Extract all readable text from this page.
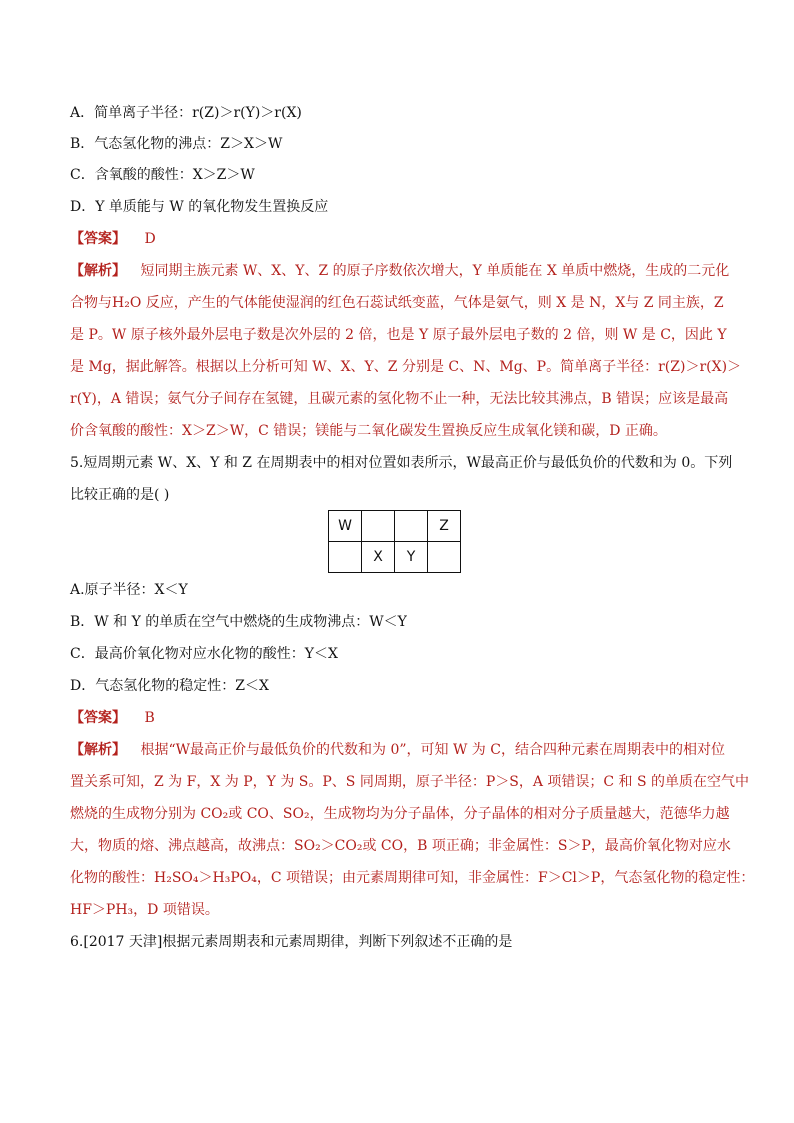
A．简单离子半径：r(Z)＞r(Y)＞r(X)
B．气态氢化物的沸点：Z＞X＞W
C．含氧酸的酸性：X＞Z＞W
D．Y 单质能与 W 的氧化物发生置换反应
【答案】 D
【解析】 短同期主族元素 W、X、Y、Z 的原子序数依次增大，Y 单质能在 X 单质中燃烧，生成的二元化
合物与H₂O 反应，产生的气体能使湿润的红色石蕊试纸变蓝，气体是氨气，则 X 是 N，X与 Z 同主族，Z
是 P。W 原子核外最外层电子数是次外层的 2 倍，也是 Y 原子最外层电子数的 2 倍，则 W 是 C，因此 Y
是 Mg，据此解答。根据以上分析可知 W、X、Y、Z 分别是 C、N、Mg、P。简单离子半径：r(Z)＞r(X)＞
r(Y)，A 错误；氨气分子间存在氢键，且碳元素的氢化物不止一种，无法比较其沸点，B 错误；应该是最高
价含氧酸的酸性：X＞Z＞W，C 错误；镁能与二氧化碳发生置换反应生成氧化镁和碳，D 正确。
5.短周期元素 W、X、Y 和 Z 在周期表中的相对位置如表所示，W最高正价与最低负价的代数和为 0。下列
比较正确的是( )
W			Z
	X	Y	
A.原子半径：X＜Y
B．W 和 Y 的单质在空气中燃烧的生成物沸点：W＜Y
C．最高价氧化物对应水化物的酸性：Y＜X
D．气态氢化物的稳定性：Z＜X
【答案】 B
【解析】 根据“W最高正价与最低负价的代数和为 0”，可知 W 为 C，结合四种元素在周期表中的相对位
置关系可知，Z 为 F，X 为 P，Y 为 S。P、S 同周期，原子半径：P＞S，A 项错误；C 和 S 的单质在空气中
燃烧的生成物分别为 CO₂或 CO、SO₂，生成物均为分子晶体，分子晶体的相对分子质量越大，范德华力越
大，物质的熔、沸点越高，故沸点：SO₂＞CO₂或 CO，B 项正确；非金属性：S＞P，最高价氧化物对应水
化物的酸性：H₂SO₄＞H₃PO₄，C 项错误；由元素周期律可知，非金属性：F＞Cl＞P，气态氢化物的稳定性：
HF＞PH₃，D 项错误。
6.[2017 天津]根据元素周期表和元素周期律，判断下列叙述不正确的是
